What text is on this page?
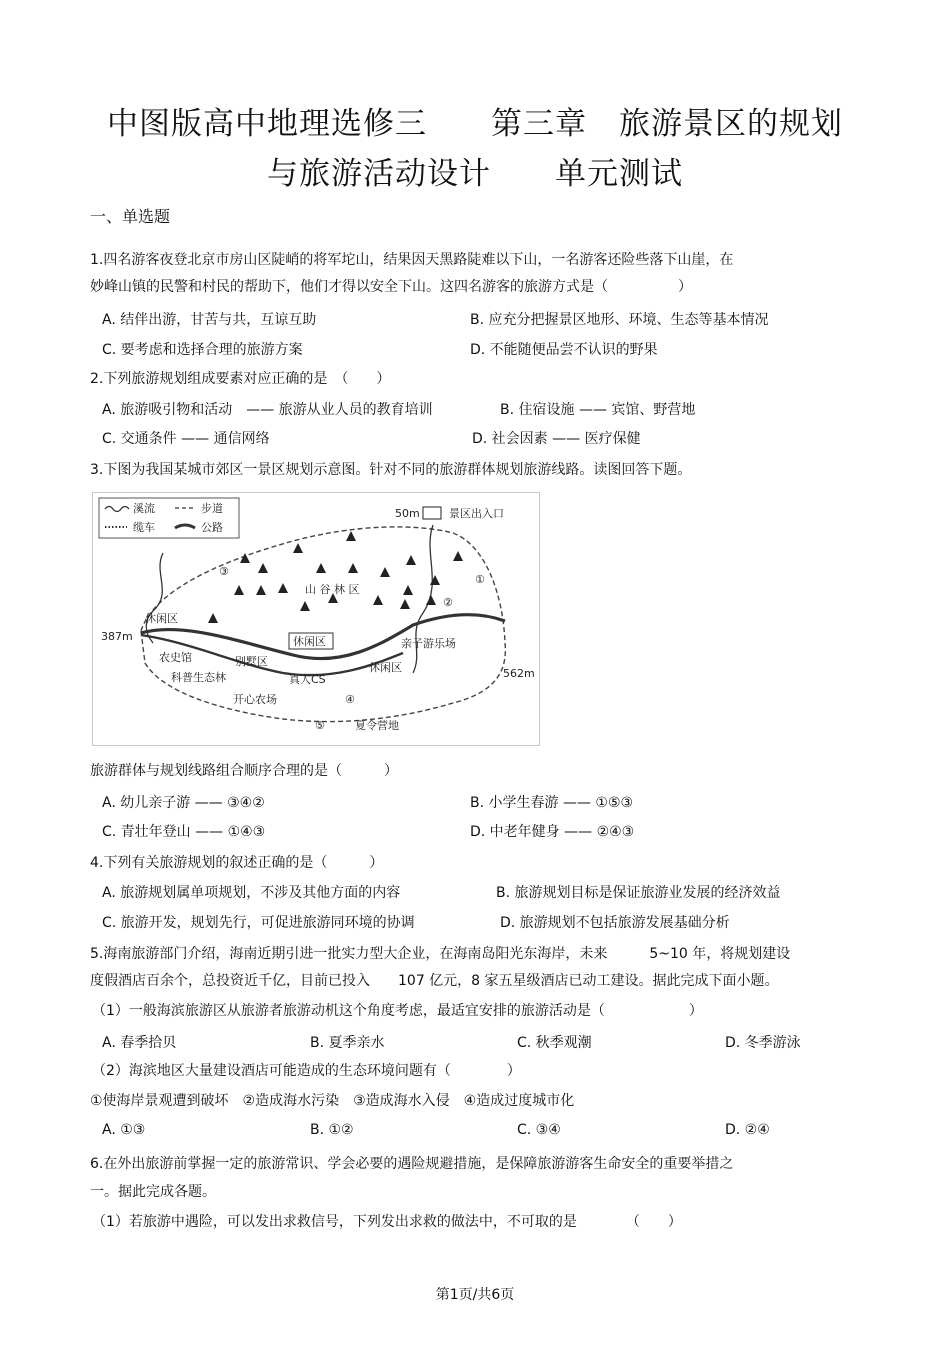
中图版高中地理选修三　　第三章　旅游景区的规划
与旅游活动设计　　单元测试
一、单选题
1.四名游客夜登北京市房山区陡峭的将军坨山，结果因天黑路陡难以下山，一名游客还险些落下山崖，在
妙峰山镇的民警和村民的帮助下，他们才得以安全下山。这四名游客的旅游方式是（　　　　　）
A. 结伴出游，甘苦与共，互谅互助	B. 应充分把握景区地形、环境、生态等基本情况
C. 要考虑和选择合理的旅游方案	D. 不能随便品尝不认识的野果
2.下列旅游规划组成要素对应正确的是　（　　）
A. 旅游吸引物和活动　—— 旅游从业人员的教育培训	B. 住宿设施 —— 宾馆、野营地
C. 交通条件 —— 通信网络	D. 社会因素 —— 医疗保健
3.下图为我国某城市郊区一景区规划示意图。针对不同的旅游群体规划旅游线路。读图回答下题。
溪流	步道
缆车	公路
50m	景区出入口
山 谷 林 区
③
①
②
休闲区
387m
562m
休闲区
农史馆	别墅区
亲子游乐场
科普生态林	真人CS
休闲区
开心农场	④
⑤	夏令营地
旅游群体与规划线路组合顺序合理的是（　　　）
A. 幼儿亲子游 —— ③④②	B. 小学生春游 —— ①⑤③
C. 青壮年登山 —— ①④③	D. 中老年健身 —— ②④③
4.下列有关旅游规划的叙述正确的是（　　　）
A. 旅游规划属单项规划，不涉及其他方面的内容	B. 旅游规划目标是保证旅游业发展的经济效益
C. 旅游开发，规划先行，可促进旅游同环境的协调	D. 旅游规划不包括旅游发展基础分析
5.海南旅游部门介绍，海南近期引进一批实力型大企业，在海南岛阳光东海岸，未来　　　5~10 年，将规划建设
度假酒店百余个，总投资近千亿，目前已投入　　107 亿元，8 家五星级酒店已动工建设。据此完成下面小题。
（1）一般海滨旅游区从旅游者旅游动机这个角度考虑，最适宜安排的旅游活动是（　　　　　　）
A. 春季拾贝	B. 夏季亲水	C. 秋季观潮	D. 冬季游泳
（2）海滨地区大量建设酒店可能造成的生态环境问题有（　　　　）
①使海岸景观遭到破坏　②造成海水污染　③造成海水入侵　④造成过度城市化
A. ①③	B. ①②	C. ③④	D. ②④
6.在外出旅游前掌握一定的旅游常识、学会必要的遇险规避措施，是保障旅游游客生命安全的重要举措之
一。据此完成各题。
（1）若旅游中遇险，可以发出求救信号，下列发出求救的做法中，不可取的是　　　　（　　）
第1页/共6页
